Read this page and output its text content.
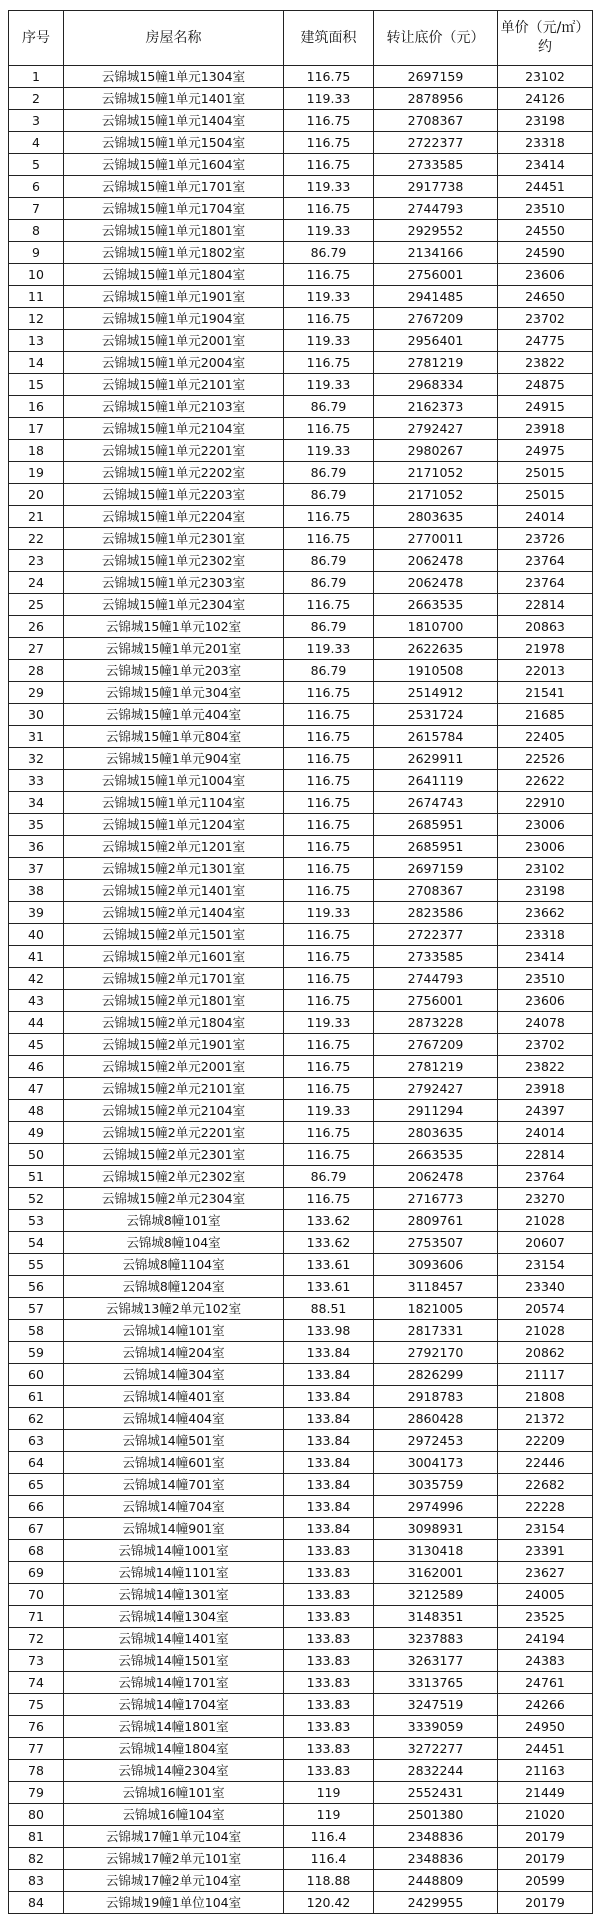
序号	房屋名称	建筑面积	转让底价（元）	单价（元/㎡）约
1	云锦城15幢1单元1304室	116.75	2697159	23102
2	云锦城15幢1单元1401室	119.33	2878956	24126
3	云锦城15幢1单元1404室	116.75	2708367	23198
4	云锦城15幢1单元1504室	116.75	2722377	23318
5	云锦城15幢1单元1604室	116.75	2733585	23414
6	云锦城15幢1单元1701室	119.33	2917738	24451
7	云锦城15幢1单元1704室	116.75	2744793	23510
8	云锦城15幢1单元1801室	119.33	2929552	24550
9	云锦城15幢1单元1802室	86.79	2134166	24590
10	云锦城15幢1单元1804室	116.75	2756001	23606
11	云锦城15幢1单元1901室	119.33	2941485	24650
12	云锦城15幢1单元1904室	116.75	2767209	23702
13	云锦城15幢1单元2001室	119.33	2956401	24775
14	云锦城15幢1单元2004室	116.75	2781219	23822
15	云锦城15幢1单元2101室	119.33	2968334	24875
16	云锦城15幢1单元2103室	86.79	2162373	24915
17	云锦城15幢1单元2104室	116.75	2792427	23918
18	云锦城15幢1单元2201室	119.33	2980267	24975
19	云锦城15幢1单元2202室	86.79	2171052	25015
20	云锦城15幢1单元2203室	86.79	2171052	25015
21	云锦城15幢1单元2204室	116.75	2803635	24014
22	云锦城15幢1单元2301室	116.75	2770011	23726
23	云锦城15幢1单元2302室	86.79	2062478	23764
24	云锦城15幢1单元2303室	86.79	2062478	23764
25	云锦城15幢1单元2304室	116.75	2663535	22814
26	云锦城15幢1单元102室	86.79	1810700	20863
27	云锦城15幢1单元201室	119.33	2622635	21978
28	云锦城15幢1单元203室	86.79	1910508	22013
29	云锦城15幢1单元304室	116.75	2514912	21541
30	云锦城15幢1单元404室	116.75	2531724	21685
31	云锦城15幢1单元804室	116.75	2615784	22405
32	云锦城15幢1单元904室	116.75	2629911	22526
33	云锦城15幢1单元1004室	116.75	2641119	22622
34	云锦城15幢1单元1104室	116.75	2674743	22910
35	云锦城15幢1单元1204室	116.75	2685951	23006
36	云锦城15幢2单元1201室	116.75	2685951	23006
37	云锦城15幢2单元1301室	116.75	2697159	23102
38	云锦城15幢2单元1401室	116.75	2708367	23198
39	云锦城15幢2单元1404室	119.33	2823586	23662
40	云锦城15幢2单元1501室	116.75	2722377	23318
41	云锦城15幢2单元1601室	116.75	2733585	23414
42	云锦城15幢2单元1701室	116.75	2744793	23510
43	云锦城15幢2单元1801室	116.75	2756001	23606
44	云锦城15幢2单元1804室	119.33	2873228	24078
45	云锦城15幢2单元1901室	116.75	2767209	23702
46	云锦城15幢2单元2001室	116.75	2781219	23822
47	云锦城15幢2单元2101室	116.75	2792427	23918
48	云锦城15幢2单元2104室	119.33	2911294	24397
49	云锦城15幢2单元2201室	116.75	2803635	24014
50	云锦城15幢2单元2301室	116.75	2663535	22814
51	云锦城15幢2单元2302室	86.79	2062478	23764
52	云锦城15幢2单元2304室	116.75	2716773	23270
53	云锦城8幢101室	133.62	2809761	21028
54	云锦城8幢104室	133.62	2753507	20607
55	云锦城8幢1104室	133.61	3093606	23154
56	云锦城8幢1204室	133.61	3118457	23340
57	云锦城13幢2单元102室	88.51	1821005	20574
58	云锦城14幢101室	133.98	2817331	21028
59	云锦城14幢204室	133.84	2792170	20862
60	云锦城14幢304室	133.84	2826299	21117
61	云锦城14幢401室	133.84	2918783	21808
62	云锦城14幢404室	133.84	2860428	21372
63	云锦城14幢501室	133.84	2972453	22209
64	云锦城14幢601室	133.84	3004173	22446
65	云锦城14幢701室	133.84	3035759	22682
66	云锦城14幢704室	133.84	2974996	22228
67	云锦城14幢901室	133.84	3098931	23154
68	云锦城14幢1001室	133.83	3130418	23391
69	云锦城14幢1101室	133.83	3162001	23627
70	云锦城14幢1301室	133.83	3212589	24005
71	云锦城14幢1304室	133.83	3148351	23525
72	云锦城14幢1401室	133.83	3237883	24194
73	云锦城14幢1501室	133.83	3263177	24383
74	云锦城14幢1701室	133.83	3313765	24761
75	云锦城14幢1704室	133.83	3247519	24266
76	云锦城14幢1801室	133.83	3339059	24950
77	云锦城14幢1804室	133.83	3272277	24451
78	云锦城14幢2304室	133.83	2832244	21163
79	云锦城16幢101室	119	2552431	21449
80	云锦城16幢104室	119	2501380	21020
81	云锦城17幢1单元104室	116.4	2348836	20179
82	云锦城17幢2单元101室	116.4	2348836	20179
83	云锦城17幢2单元104室	118.88	2448809	20599
84	云锦城19幢1单位104室	120.42	2429955	20179
